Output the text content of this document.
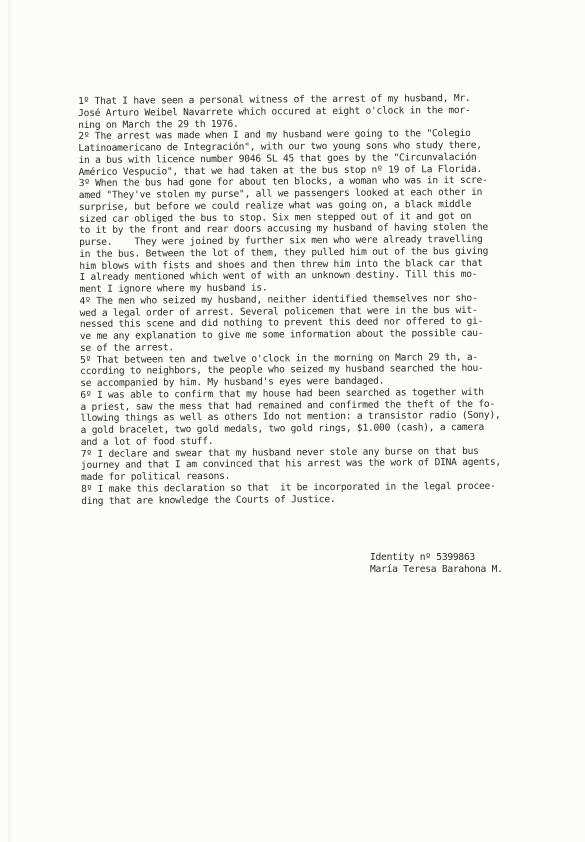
1º That I have seen a personal witness of the arrest of my husband, Mr.
José Arturo Weibel Navarrete which occured at eight o'clock in the mor-
ning on March the 29 th 1976.
2º The arrest was made when I and my husband were going to the "Colegio
Latinoamericano de Integración", with our two young sons who study there,
in a bus with licence number 9046 SL 45 that goes by the "Circunvalación
Américo Vespucio", that we had taken at the bus stop nº 19 of La Florida.
3º When the bus had gone for about ten blocks, a woman who was in it scre-
amed "They've stolen my purse", all we passengers looked at each other in
surprise, but before we could realize what was going on, a black middle
sized car obliged the bus to stop. Six men stepped out of it and got on
to it by the front and rear doors accusing my husband of having stolen the
purse.    They were joined by further six men who were already travelling
in the bus. Between the lot of them, they pulled him out of the bus giving
him blows with fists and shoes and then threw him into the black car that
I already mentioned which went of with an unknown destiny. Till this mo-
ment I ignore where my husband is.
4º The men who seized my husband, neither identified themselves nor sho-
wed a legal order of arrest. Several policemen that were in the bus wit-
nessed this scene and did nothing to prevent this deed nor offered to gi-
ve me any explanation to give me some information about the possible cau-
se of the arrest.
5º That between ten and twelve o'clock in the morning on March 29 th, a-
ccording to neighbors, the people who seized my husband searched the hou-
se accompanied by him. My husband's eyes were bandaged.
6º I was able to confirm that my house had been searched as together with
a priest, saw the mess that had remained and confirmed the theft of the fo-
llowing things as well as others Ido not mention: a transistor radio (Sony),
a gold bracelet, two gold medals, two gold rings, $1.000 (cash), a camera
and a lot of food stuff.
7º I declare and swear that my husband never stole any burse on that bus
journey and that I am convinced that his arrest was the work of DINA agents,
made for political reasons.
8º I make this declaration so that  it be incorporated in the legal procee-
ding that are knowledge the Courts of Justice.
Identity nº 5399863
María Teresa Barahona M.
